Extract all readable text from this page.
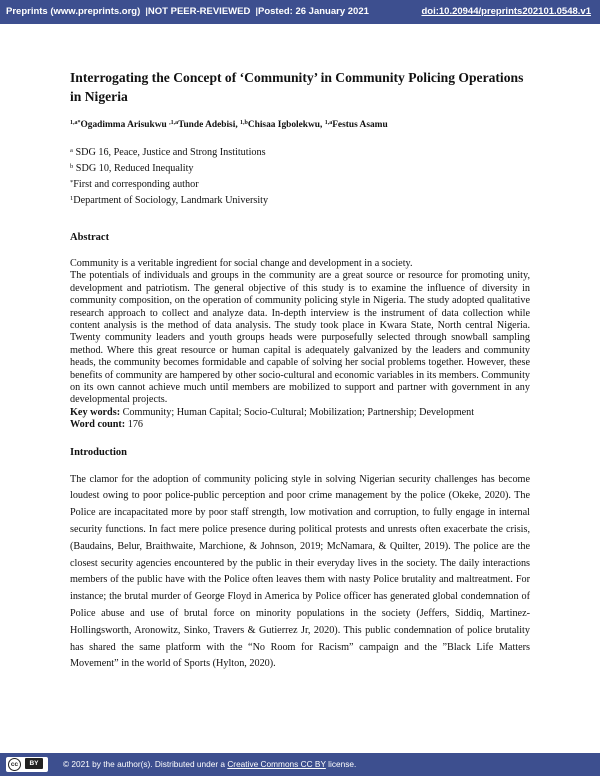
Preprints (www.preprints.org) |NOT PEER-REVIEWED |Posted: 26 January 2021	doi:10.20944/preprints202101.0548.v1
Interrogating the Concept of ‘Community’ in Community Policing Operations in Nigeria
$^{1,a*}$Ogadimma Arisukwu $^{,1,a}$Tunde Adebisi, $^{1,b}$Chisaa Igbolekwu, $^{1,a}$Festus Asamu
$^a$ SDG 16, Peace, Justice and Strong Institutions
$^b$ SDG 10, Reduced Inequality
*First and corresponding author
$^1$Department of Sociology, Landmark University
Abstract

Community is a veritable ingredient for social change and development in a society.

The potentials of individuals and groups in the community are a great source or resource for promoting unity, development and patriotism. The general objective of this study is to examine the influence of diversity in community composition, on the operation of community policing style in Nigeria. The study adopted qualitative research approach to collect and analyze data. In-depth interview is the instrument of data collection while content analysis is the method of data analysis. The study took place in Kwara State, North central Nigeria. Twenty community leaders and youth groups heads were purposefully selected through snowball sampling method. Where this great resource or human capital is adequately galvanized by the leaders and community heads, the community becomes formidable and capable of solving her social problems together. However, these benefits of community are hampered by other socio-cultural and economic variables in its members. Community on its own cannot achieve much until members are mobilized to support and partner with government in any developmental projects.

Key words: Community; Human Capital; Socio-Cultural; Mobilization; Partnership; Development

Word count: 176

Introduction

The clamor for the adoption of community policing style in solving Nigerian security challenges has become loudest owing to poor police-public perception and poor crime management by the police (Okeke, 2020). The Police are incapacitated more by poor staff strength, low motivation and corruption, to fully engage in internal security functions. In fact mere police presence during political protests and unrests often exacerbate the crisis, (Baudains, Belur, Braithwaite, Marchione, & Johnson, 2019; McNamara, & Quilter, 2019). The police are the closest security agencies encountered by the public in their everyday lives in the society. The daily interactions members of the public have with the Police often leaves them with nasty Police brutality and maltreatment. For instance; the brutal murder of George Floyd in America by Police officer has generated global condemnation of Police abuse and use of brutal force on minority populations in the society (Jeffers, Siddiq, Martinez-Hollingsworth, Aronowitz, Sinko, Travers & Gutierrez Jr, 2020). This public condemnation of police brutality has shared the same platform with the “No Room for Racism” campaign and the ”Black Life Matters Movement” in the world of Sports (Hylton, 2020).

cc	BY	© 2021 by the author(s). Distributed under a Creative Commons CC BY license.
